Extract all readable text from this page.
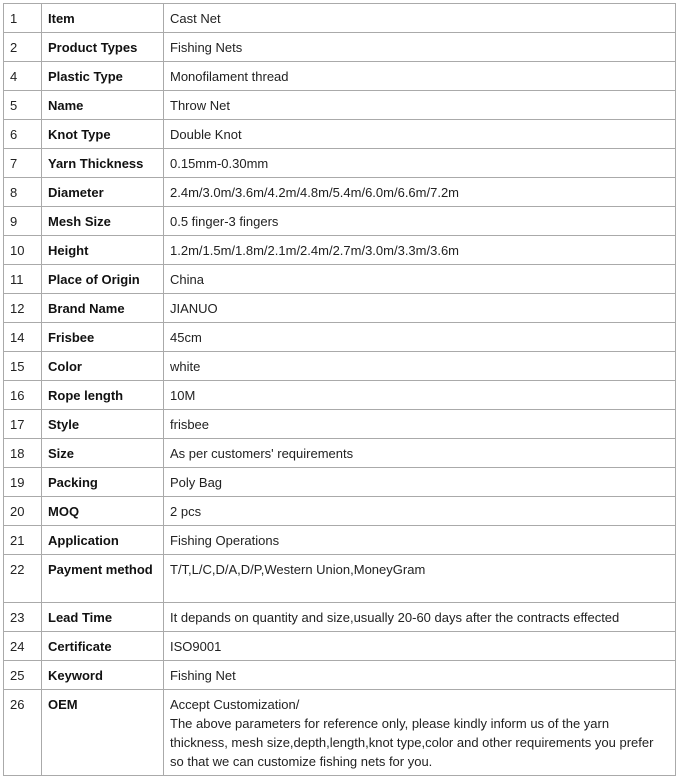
1	Item	Cast Net
2	Product Types	Fishing Nets
4	Plastic Type	Monofilament thread
5	Name	Throw Net
6	Knot Type	Double Knot
7	Yarn Thickness	0.15mm-0.30mm
8	Diameter	2.4m/3.0m/3.6m/4.2m/4.8m/5.4m/6.0m/6.6m/7.2m
9	Mesh Size	0.5 finger-3 fingers
10	Height	1.2m/1.5m/1.8m/2.1m/2.4m/2.7m/3.0m/3.3m/3.6m
11	Place of Origin	China
12	Brand Name	JIANUO
14	Frisbee	45cm
15	Color	white
16	Rope length	10M
17	Style	frisbee
18	Size	As per customers' requirements
19	Packing	Poly Bag
20	MOQ	2 pcs
21	Application	Fishing Operations
22	Payment method	T/T,L/C,D/A,D/P,Western Union,MoneyGram
23	Lead Time	It depands on quantity and size,usually 20-60 days after the contracts effected
24	Certificate	ISO9001
25	Keyword	Fishing Net
26	OEM	Accept Customization/
The above parameters for reference only, please kindly inform us of the yarn thickness, mesh size,depth,length,knot type,color and other requirements you prefer so that we can customize fishing nets for you.
